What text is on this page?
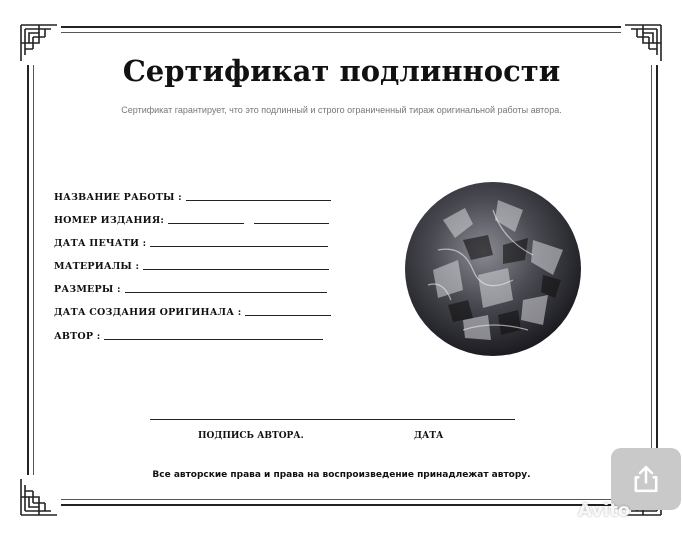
Сертификат подлинности
Сертификат гарантирует, что это подлинный и строго ограниченный тираж оригинальной работы автора.
НАЗВАНИЕ РАБОТЫ :
НОМЕР ИЗДАНИЯ:
ДАТА ПЕЧАТИ :
МАТЕРИАЛЫ :
РАЗМЕРЫ :
ДАТА СОЗДАНИЯ ОРИГИНАЛА :
АВТОР :
ПОДПИСЬ АВТОРА.	ДАТА
Все авторские права и права на воспроизведение принадлежат автору.
Avito
